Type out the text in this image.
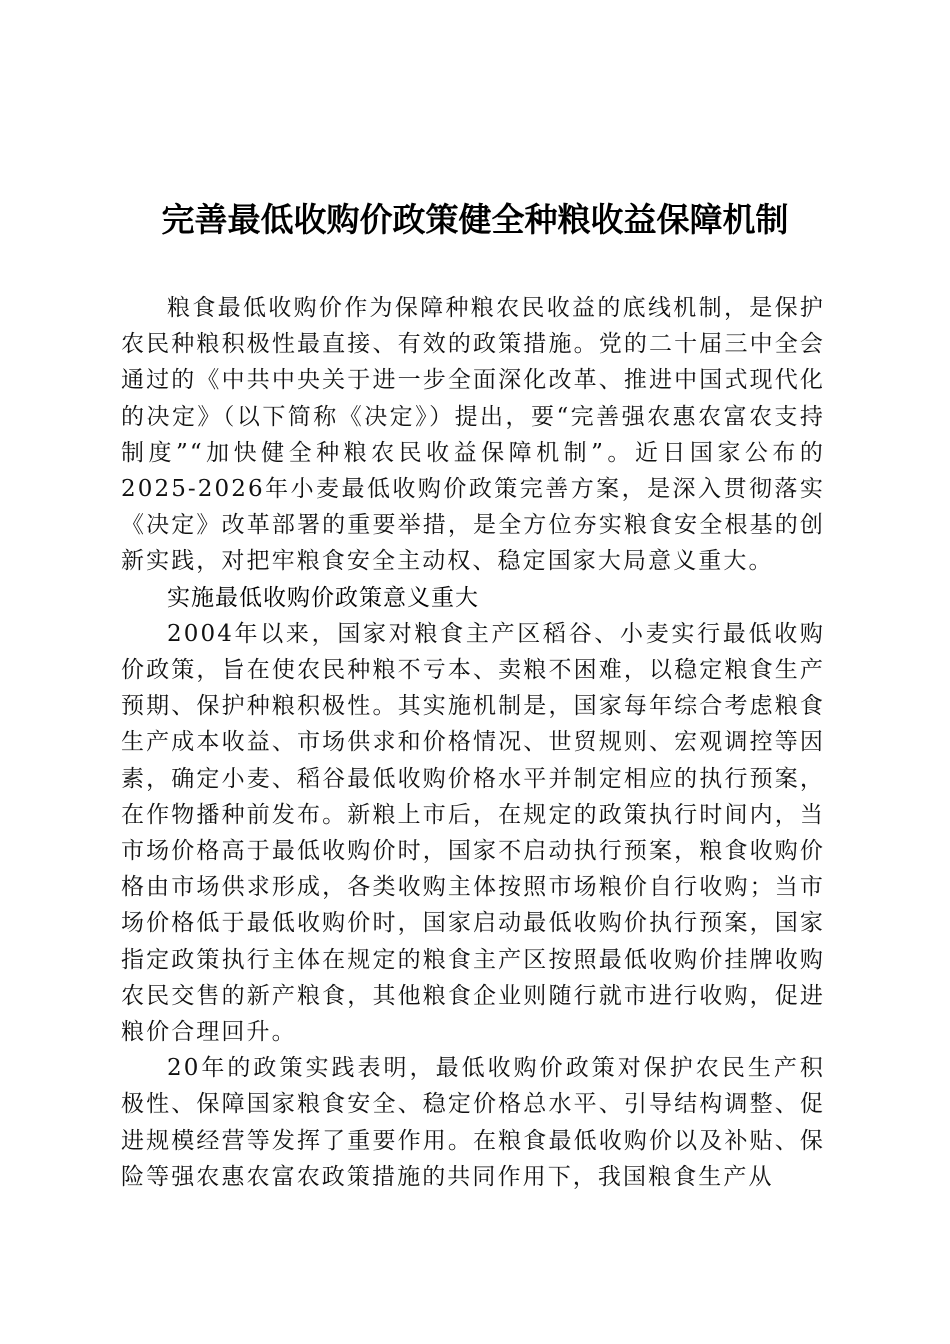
完善最低收购价政策健全种粮收益保障机制

粮食最低收购价作为保障种粮农民收益的底线机制，是保护农民种粮积极性最直接、有效的政策措施。党的二十届三中全会通过的《中共中央关于进一步全面深化改革、推进中国式现代化的决定》（以下简称《决定》）提出，要“完善强农惠农富农支持制度”“加快健全种粮农民收益保障机制”。近日国家公布的2025-2026年小麦最低收购价政策完善方案，是深入贯彻落实《决定》改革部署的重要举措，是全方位夯实粮食安全根基的创新实践，对把牢粮食安全主动权、稳定国家大局意义重大。

实施最低收购价政策意义重大

2004年以来，国家对粮食主产区稻谷、小麦实行最低收购价政策，旨在使农民种粮不亏本、卖粮不困难，以稳定粮食生产预期、保护种粮积极性。其实施机制是，国家每年综合考虑粮食生产成本收益、市场供求和价格情况、世贸规则、宏观调控等因素，确定小麦、稻谷最低收购价格水平并制定相应的执行预案，在作物播种前发布。新粮上市后，在规定的政策执行时间内，当市场价格高于最低收购价时，国家不启动执行预案，粮食收购价格由市场供求形成，各类收购主体按照市场粮价自行收购；当市场价格低于最低收购价时，国家启动最低收购价执行预案，国家指定政策执行主体在规定的粮食主产区按照最低收购价挂牌收购农民交售的新产粮食，其他粮食企业则随行就市进行收购，促进粮价合理回升。

20年的政策实践表明，最低收购价政策对保护农民生产积极性、保障国家粮食安全、稳定价格总水平、引导结构调整、促进规模经营等发挥了重要作用。在粮食最低收购价以及补贴、保险等强农惠农富农政策措施的共同作用下，我国粮食生产从
